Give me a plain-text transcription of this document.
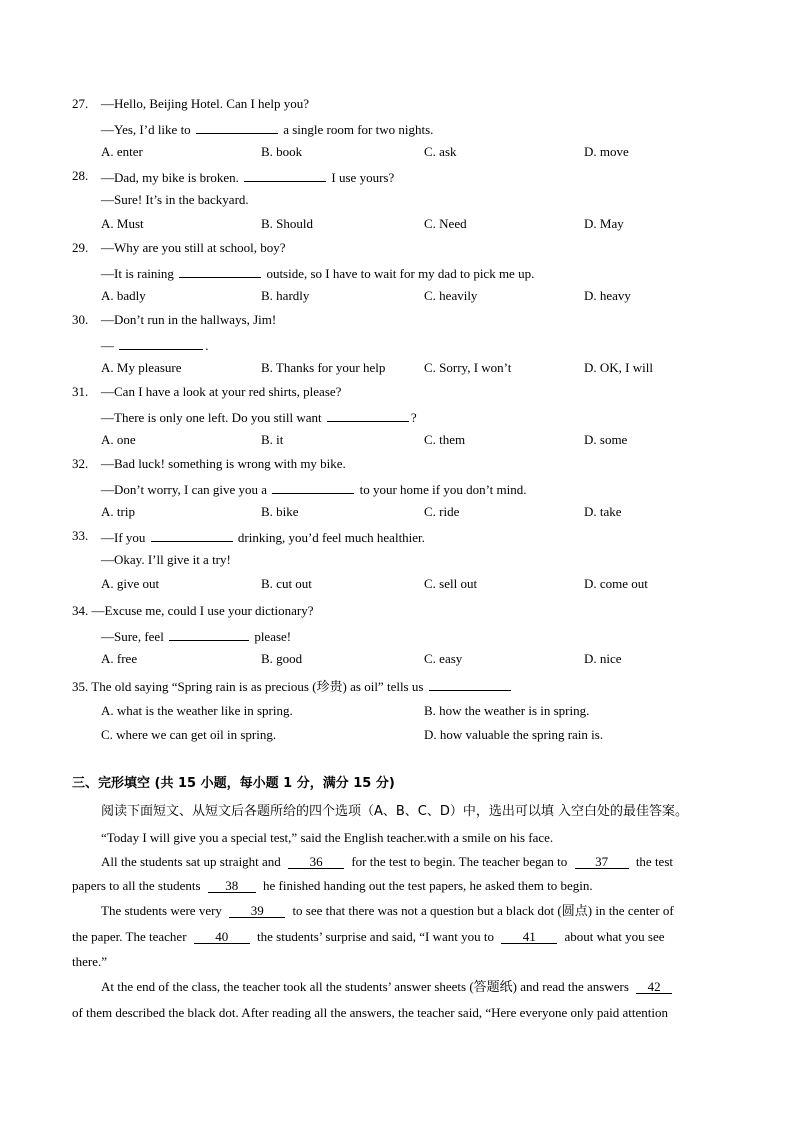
27. —Hello, Beijing Hotel. Can I help you?
—Yes, I’d like to	a single room for two nights.
A. enter	B. book	C. ask	D. move
28. —Dad, my bike is broken.	I use yours?
—Sure! It’s in the backyard.
A. Must	B. Should	C. Need	D. May
29. —Why are you still at school, boy?
—It is raining	outside, so I have to wait for my dad to pick me up.
A. badly	B. hardly	C. heavily	D. heavy
30. —Don’t run in the hallways, Jim!
—	.
A. My pleasure	B. Thanks for your help	C. Sorry, I won’t	D. OK, I will
31. —Can I have a look at your red shirts, please?
—There is only one left. Do you still want	?
A. one	B. it	C. them	D. some
32. —Bad luck! something is wrong with my bike.
—Don’t worry, I can give you a	to your home if you don’t mind.
A. trip	B. bike	C. ride	D. take
33. —If you	drinking, you’d feel much healthier.
—Okay. I’ll give it a try!
A. give out	B. cut out	C. sell out	D. come out
34. —Excuse me, could I use your dictionary?
—Sure, feel	please!
A. free	B. good	C. easy	D. nice
35. The old saying “Spring rain is as precious (珍贵) as oil” tells us
A. what is the weather like in spring.	B. how the weather is in spring.
C. where we can get oil in spring.	D. how valuable the spring rain is.
三、完形填空 (共 15 小题，每小题 1 分，满分 15 分)
阅读下面短文、从短文后各题所给的四个选项（A、B、C、D）中，选出可以填 入空白处的最佳答案。
“Today I will give you a special test,” said the English teacher.with a smile on his face.
All the students sat up straight and 36 for the test to begin. The teacher began to 37 the test
papers to all the students 38 he finished handing out the test papers, he asked them to begin.
The students were very 39 to see that there was not a question but a black dot (圆点) in the center of
the paper. The teacher 40 the students’ surprise and said, “I want you to 41 about what you see
there.”
At the end of the class, the teacher took all the students’ answer sheets (答题纸) and read the answers 42
of them described the black dot. After reading all the answers, the teacher said, “Here everyone only paid attention
